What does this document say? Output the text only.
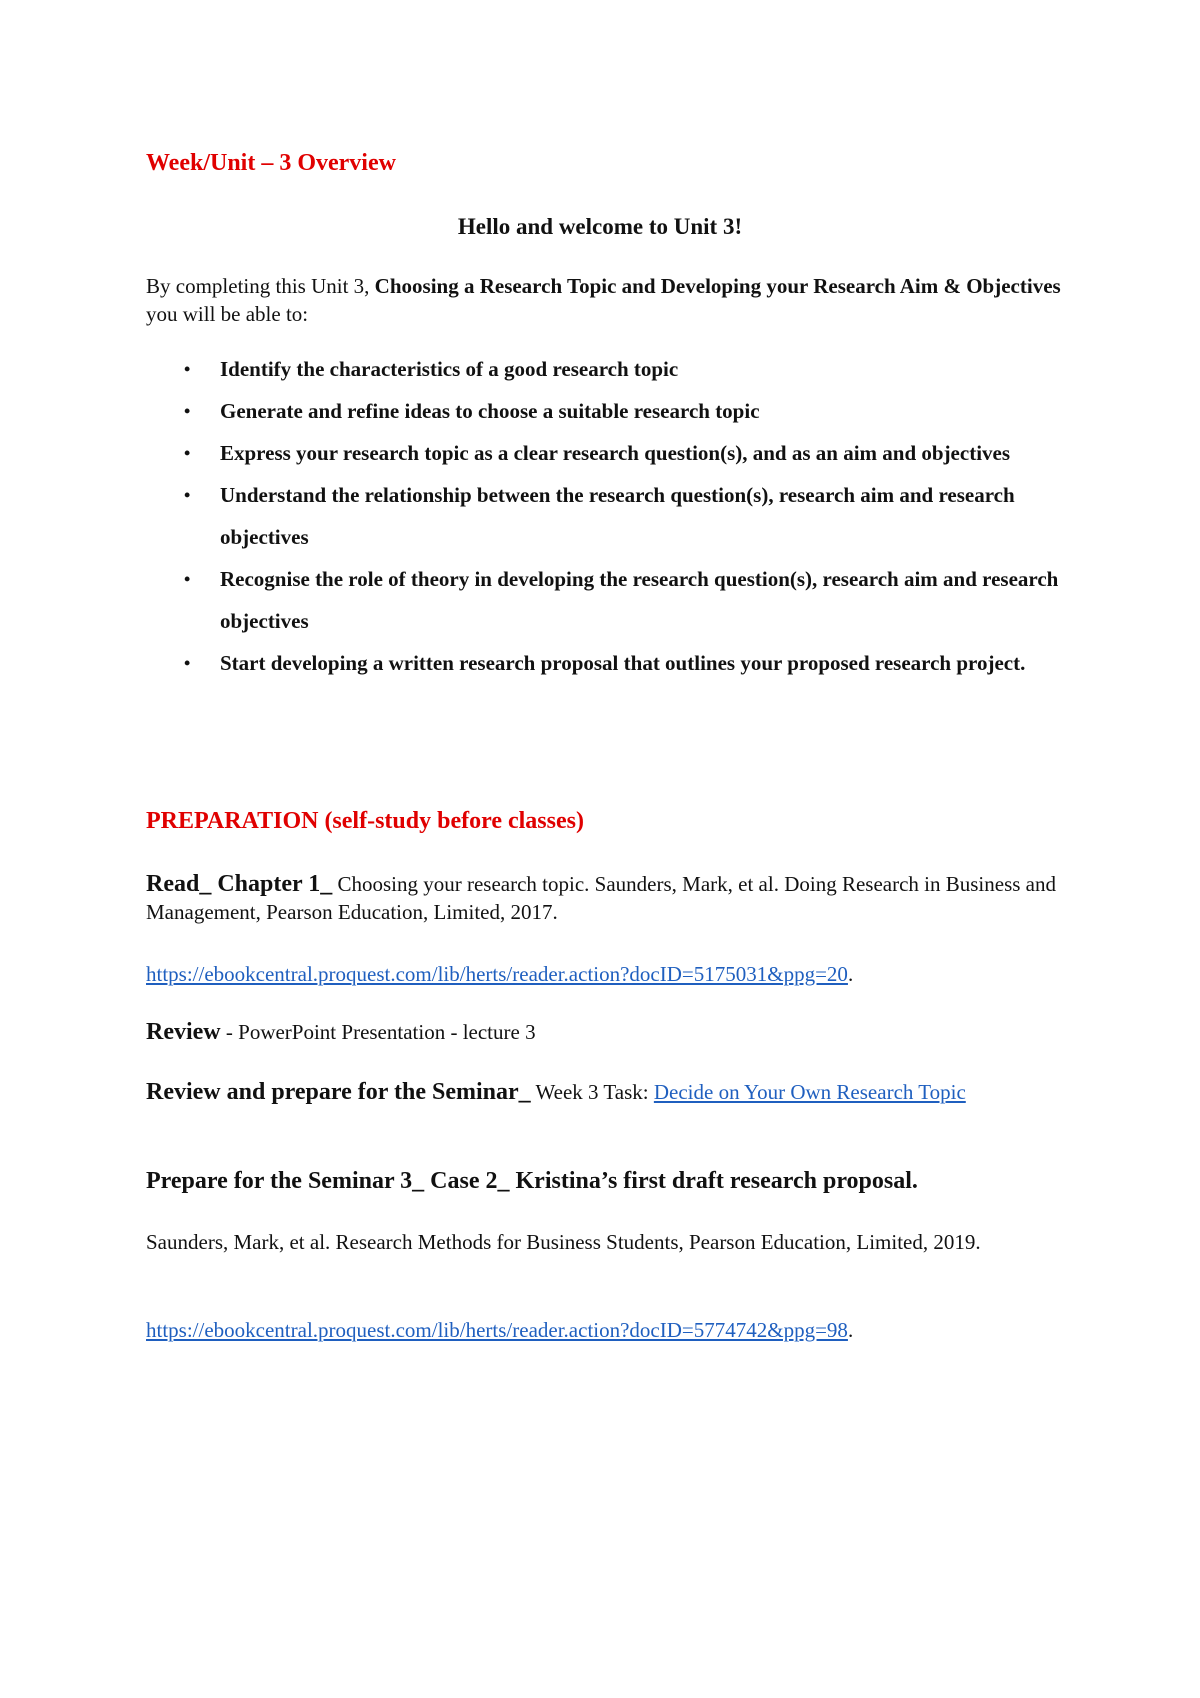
Week/Unit – 3 Overview
Hello and welcome to Unit 3!
By completing this Unit 3, Choosing a Research Topic and Developing your Research Aim & Objectives you will be able to:
• Identify the characteristics of a good research topic
• Generate and refine ideas to choose a suitable research topic
• Express your research topic as a clear research question(s), and as an aim and objectives
• Understand the relationship between the research question(s), research aim and research objectives
• Recognise the role of theory in developing the research question(s), research aim and research objectives
• Start developing a written research proposal that outlines your proposed research project.
PREPARATION (self-study before classes)
Read_ Chapter 1_ Choosing your research topic. Saunders, Mark, et al. Doing Research in Business and Management, Pearson Education, Limited, 2017.
https://ebookcentral.proquest.com/lib/herts/reader.action?docID=5175031&ppg=20.
Review - PowerPoint Presentation - lecture 3
Review and prepare for the Seminar_ Week 3 Task: Decide on Your Own Research Topic
Prepare for the Seminar 3_ Case 2_ Kristina’s first draft research proposal.
Saunders, Mark, et al. Research Methods for Business Students, Pearson Education, Limited, 2019.
https://ebookcentral.proquest.com/lib/herts/reader.action?docID=5774742&ppg=98.
